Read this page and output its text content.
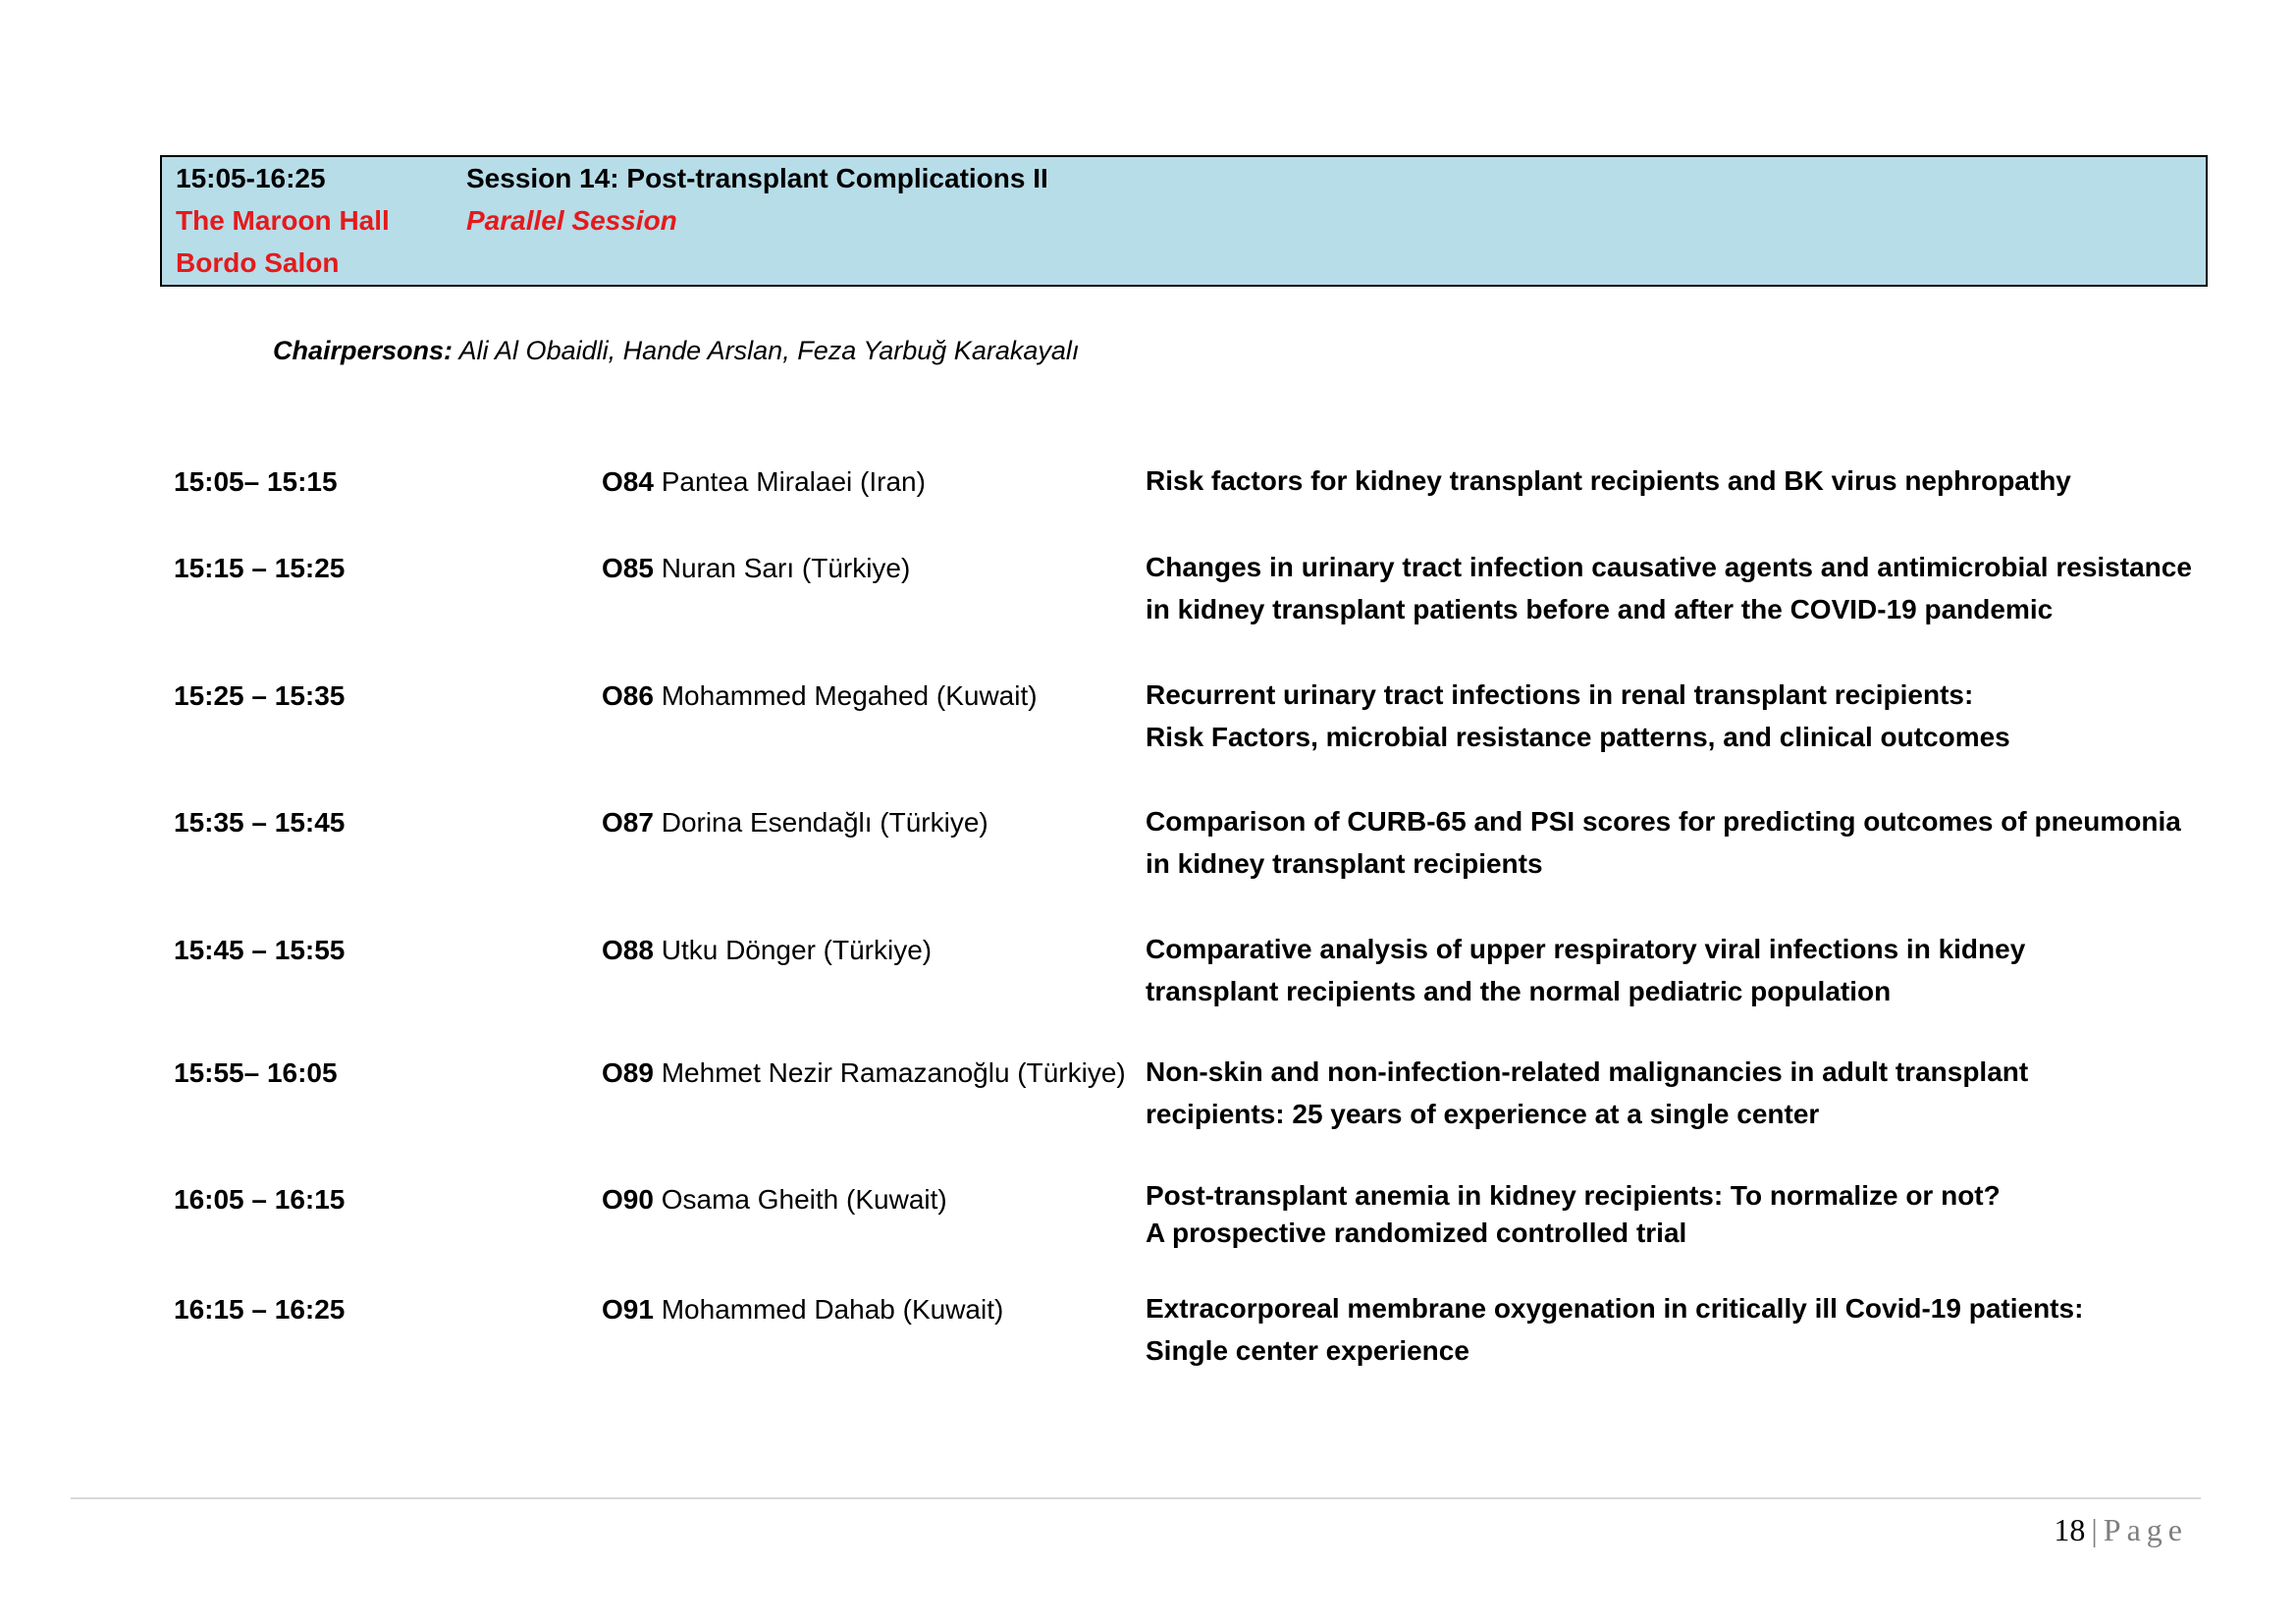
15:05-16:25	Session 14: Post-transplant Complications II
The Maroon Hall	Parallel Session
Bordo Salon
Chairpersons: Ali Al Obaidli, Hande Arslan, Feza Yarbuğ Karakayalı
15:05– 15:15	O84 Pantea Miralaei (Iran)	Risk factors for kidney transplant recipients and BK virus nephropathy
15:15 – 15:25	O85 Nuran Sarı (Türkiye)	Changes in urinary tract infection causative agents and antimicrobial resistance
in kidney transplant patients before and after the COVID-19 pandemic
15:25 – 15:35	O86 Mohammed Megahed (Kuwait)	Recurrent urinary tract infections in renal transplant recipients:
Risk Factors, microbial resistance patterns, and clinical outcomes
15:35 – 15:45	O87 Dorina Esendağlı (Türkiye)	Comparison of CURB-65 and PSI scores for predicting outcomes of pneumonia
in kidney transplant recipients
15:45 – 15:55	O88 Utku Dönger (Türkiye)	Comparative analysis of upper respiratory viral infections in kidney
transplant recipients and the normal pediatric population
15:55– 16:05	O89 Mehmet Nezir Ramazanoğlu (Türkiye) Non-skin and non-infection-related malignancies in adult transplant
recipients: 25 years of experience at a single center
16:05 – 16:15	O90 Osama Gheith (Kuwait)	Post-transplant anemia in kidney recipients: To normalize or not?
A prospective randomized controlled trial
16:15 – 16:25	O91 Mohammed Dahab (Kuwait)	Extracorporeal membrane oxygenation in critically ill Covid-19 patients:
Single center experience
18 | Page
